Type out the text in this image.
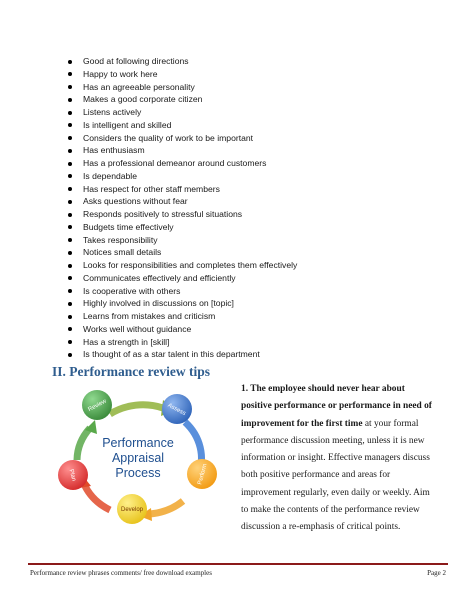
Good at following directions
Happy to work here
Has an agreeable personality
Makes a good corporate citizen
Listens actively
Is intelligent and skilled
Considers the quality of work to be important
Has enthusiasm
Has a professional demeanor around customers
Is dependable
Has respect for other staff members
Asks questions without fear
Responds positively to stressful situations
Budgets time effectively
Takes responsibility
Notices small details
Looks for responsibilities and completes them effectively
Communicates effectively and efficiently
Is cooperative with others
Highly involved in discussions on [topic]
Learns from mistakes and criticism
Works well without guidance
Has a strength in [skill]
Is thought of as a star talent in this department
II. Performance review tips
Performance
Appraisal
Process
Review	Assess
Perform
Develop
Plan

1. The employee should never hear about positive performance or performance in need of improvement for the first time at your formal performance discussion meeting, unless it is new information or insight. Effective managers discuss both positive performance and areas for improvement regularly, even daily or weekly. Aim to make the contents of the performance review discussion a re-emphasis of critical points.

Performance review phrases comments/ free download examples	Page 2
